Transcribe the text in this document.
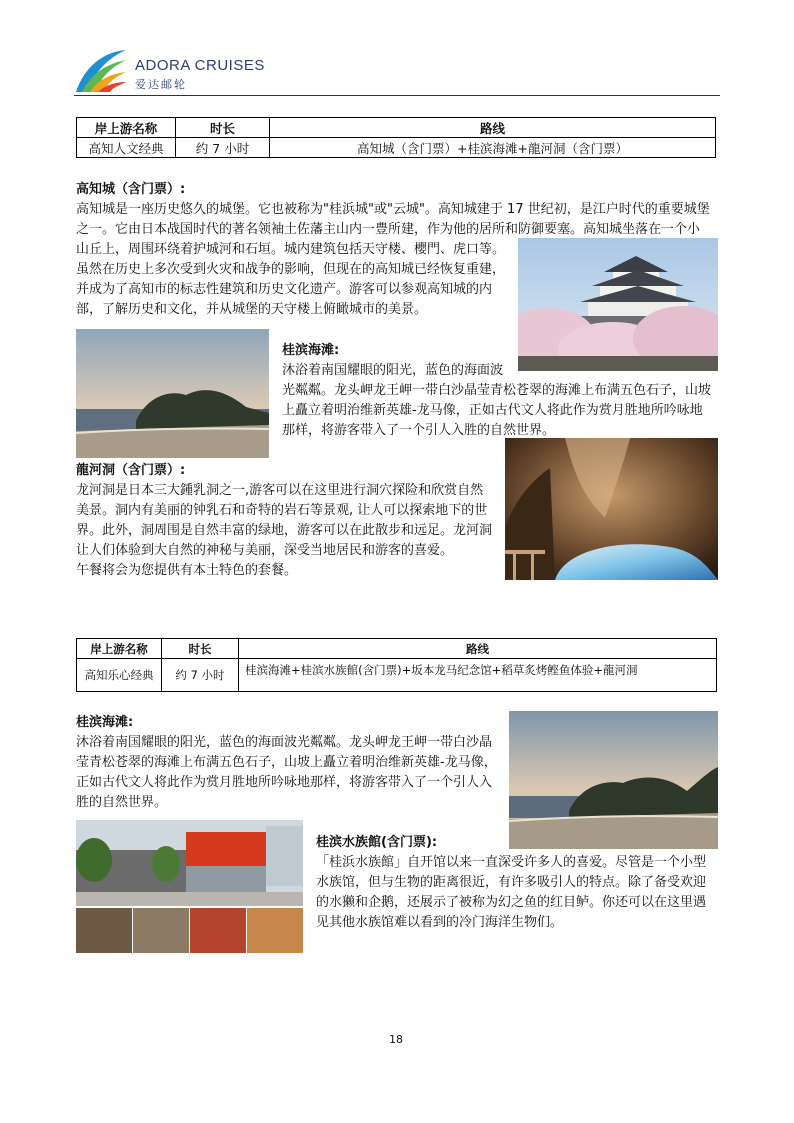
ADORA CRUISES
爱达邮轮
岸上游名称	时长	路线
高知人文经典	约 7 小时	高知城（含门票）+桂滨海滩+龍河洞（含门票）
高知城（含门票）:
高知城是一座历史悠久的城堡。它也被称为"桂浜城"或"云城"。高知城建于 17 世纪初，是江户时代的重要城堡
之一。它由日本战国时代的著名领袖土佐藩主山内一豊所建，作为他的居所和防御要塞。高知城坐落在一个小
山丘上，周围环绕着护城河和石垣。城内建筑包括天守楼、櫻門、虎口等。
虽然在历史上多次受到火灾和战争的影响，但现在的高知城已经恢复重建，
并成为了高知市的标志性建筑和历史文化遗产。游客可以参观高知城的内
部，了解历史和文化，并从城堡的天守楼上俯瞰城市的美景。
桂滨海滩:
沐浴着南国耀眼的阳光，蓝色的海面波
光粼粼。龙头岬龙王岬一带白沙晶莹青松苍翠的海滩上布满五色石子，山坡
上矗立着明治维新英雄-龙马像，正如古代文人将此作为赏月胜地所吟咏地
那样，将游客带入了一个引人入胜的自然世界。
龍河洞（含门票）:
龙河洞是日本三大鍾乳洞之一,游客可以在这里进行洞穴探险和欣赏自然
美景。洞内有美丽的钟乳石和奇特的岩石等景观, 让人可以探索地下的世
界。此外，洞周围是自然丰富的绿地，游客可以在此散步和远足。龙河洞
让人们体验到大自然的神秘与美丽，深受当地居民和游客的喜爱。
午餐将会为您提供有本土特色的套餐。
岸上游名称	时长	路线
高知乐心经典	约 7 小时	桂滨海滩+桂滨水族館(含门票)+坂本龙马纪念馆+稻草炙烤鲣鱼体验+龍河洞
桂滨海滩:
沐浴着南国耀眼的阳光，蓝色的海面波光粼粼。龙头岬龙王岬一带白沙晶
莹青松苍翠的海滩上布满五色石子，山坡上矗立着明治维新英雄-龙马像，
正如古代文人将此作为赏月胜地所吟咏地那样，将游客带入了一个引人入
胜的自然世界。
桂滨水族館(含门票):
「桂浜水族館」自开馆以来一直深受许多人的喜爱。尽管是一个小型
水族馆，但与生物的距离很近，有许多吸引人的特点。除了备受欢迎
的水獭和企鹅，还展示了被称为幻之鱼的红目鲈。你还可以在这里遇
见其他水族馆难以看到的冷门海洋生物们。
18
